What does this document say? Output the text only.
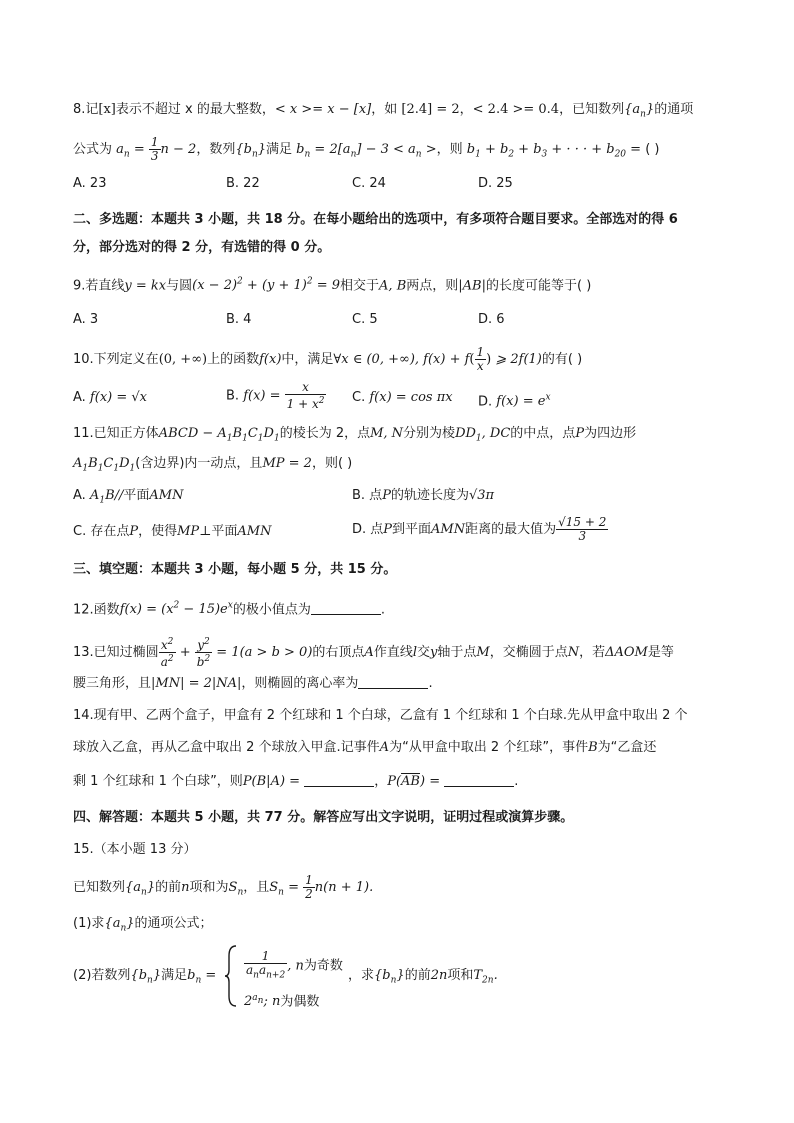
8.记[x]表示不超过 x 的最大整数，< x >= x − [x]，如 [2.4] = 2，< 2.4 >= 0.4，已知数列$\{a_n\}$的通项
公式为 $a_n = \frac{1}{3}$ n − 2，数列$\{b_n\}$满足 $b_n = 2[a_n] - 3 < a_n$ >，则 $b_1 + b_2 + b_3$ + · · · + $b_{20}$ = ( )
A. 23	B. 22	C. 24	D. 25
二、多选题：本题共 3 小题，共 18 分。在每小题给出的选项中，有多项符合题目要求。全部选对的得 6
分，部分选对的得 2 分，有选错的得 0 分。
9.若直线y = kx与圆$(x - 2)^2 + (y + 1)^2 = 9$相交于A, B两点，则|AB|的长度可能等于( )
A. 3	B. 4	C. 5	D. 6
10.下列定义在(0, +∞)上的函数f(x)中，满足∀x ∈ (0, +∞), $f(x) + f( \frac{1}{x}$ ) ⩾ 2f(1)的有( )
A. f(x) = √x	B. $f(x) = \frac{x}{1 + x^2} C$. f(x) = cos πx D. $f(x) = e^x$
11.已知正方体ABCD − $A_1B_1C_1D_1$的棱长为 2，点M, N分别为棱$DD_1$, DC的中点，点P为四边形
$A_1B_1C_1D_1$(含边界)内一动点，且MP = 2，则( )
A. $A_1B//$平面AMN	B. 点P的轨迹长度为√3π
C. 存在点P，使得MP⊥平面AMN	D. 点P到平面AMN距离的最大值为 $\frac{√15 + 2}{3}$
三、填空题：本题共 3 小题，每小题 5 分，共 15 分。
12.函数$f(x) = (x^2 - 15)e^x$的极小值点为	.
13.已知过椭圆 $\frac{x^2}{a^2} + \frac{y^2}{b^2} = 1(a > b > 0)$的右顶点A作直线l交y轴于点M，交椭圆于点N，若ΔAOM是等
腰三角形，且|MN| = 2|NA|，则椭圆的离心率为	.
14.现有甲、乙两个盒子，甲盒有 2 个红球和 1 个白球，乙盒有 1 个红球和 1 个白球.先从甲盒中取出 2 个
球放入乙盒，再从乙盒中取出 2 个球放入甲盒.记事件A为“从甲盒中取出 2 个红球”，事件B为“乙盒还
剩 1 个红球和 1 个白球”，则P(B|A) =	，$P(\overline{AB})$ =	.
四、解答题：本题共 5 小题，共 77 分。解答应写出文字说明，证明过程或演算步骤。
15.（本小题 13 分）
已知数列$\{a_n\}$的前n项和为$S_n$，且$S_n = \frac{1}{2} n(n + 1)$.
(1)求$\{a_n\}$的通项公式；
(2)若数列$\{b_n\}$满足$b_n = \frac{1}{a_na_{n+2}}$ , n为奇数
$2^{a_n}$; n为偶数
，求$\{b_n\}$的前2n项和$T_{2n}$.
